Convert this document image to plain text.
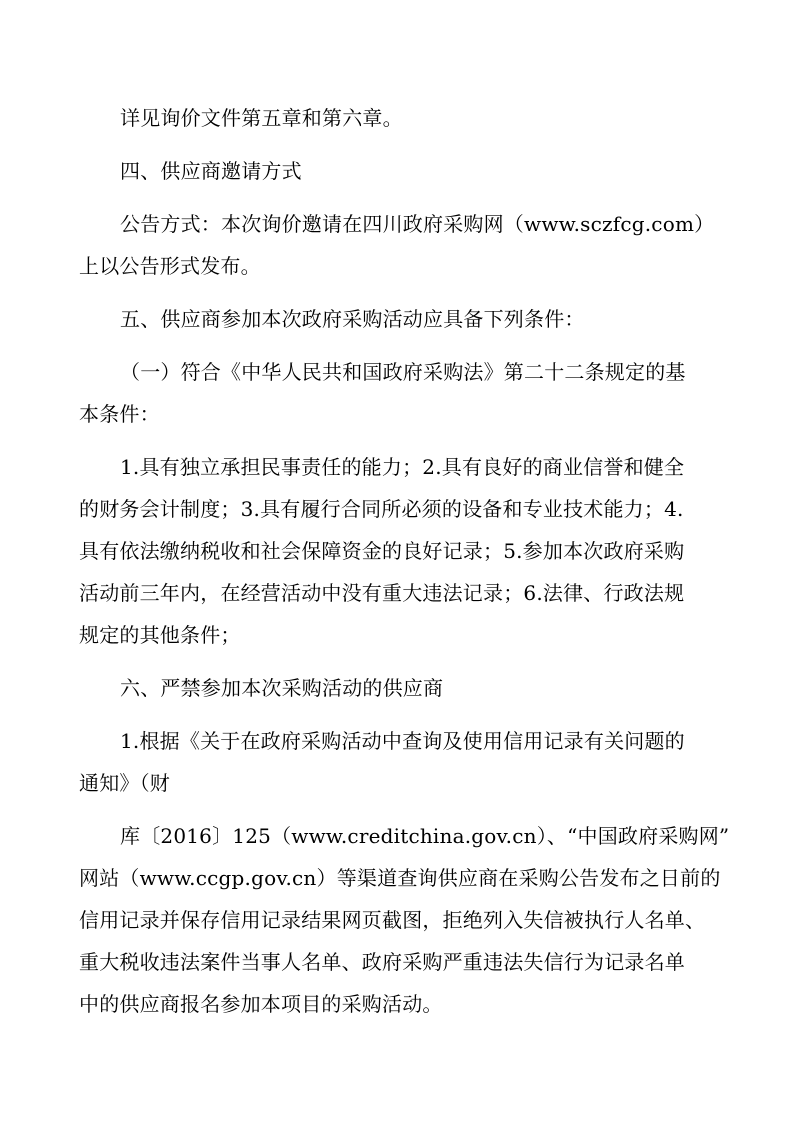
详见询价文件第五章和第六章。
四、供应商邀请方式
公告方式：本次询价邀请在四川政府采购网（www.sczfcg.com）
上以公告形式发布。
五、供应商参加本次政府采购活动应具备下列条件：
（一）符合《中华人民共和国政府采购法》第二十二条规定的基
本条件：
1.具有独立承担民事责任的能力；2.具有良好的商业信誉和健全
的财务会计制度；3.具有履行合同所必须的设备和专业技术能力；4.
具有依法缴纳税收和社会保障资金的良好记录；5.参加本次政府采购
活动前三年内，在经营活动中没有重大违法记录；6.法律、行政法规
规定的其他条件；
六、严禁参加本次采购活动的供应商
1.根据《关于在政府采购活动中查询及使用信用记录有关问题的
通知》（财
库〔2016〕125（www.creditchina.gov.cn）、“中国政府采购网”
网站（www.ccgp.gov.cn）等渠道查询供应商在采购公告发布之日前的
信用记录并保存信用记录结果网页截图，拒绝列入失信被执行人名单、
重大税收违法案件当事人名单、政府采购严重违法失信行为记录名单
中的供应商报名参加本项目的采购活动。
